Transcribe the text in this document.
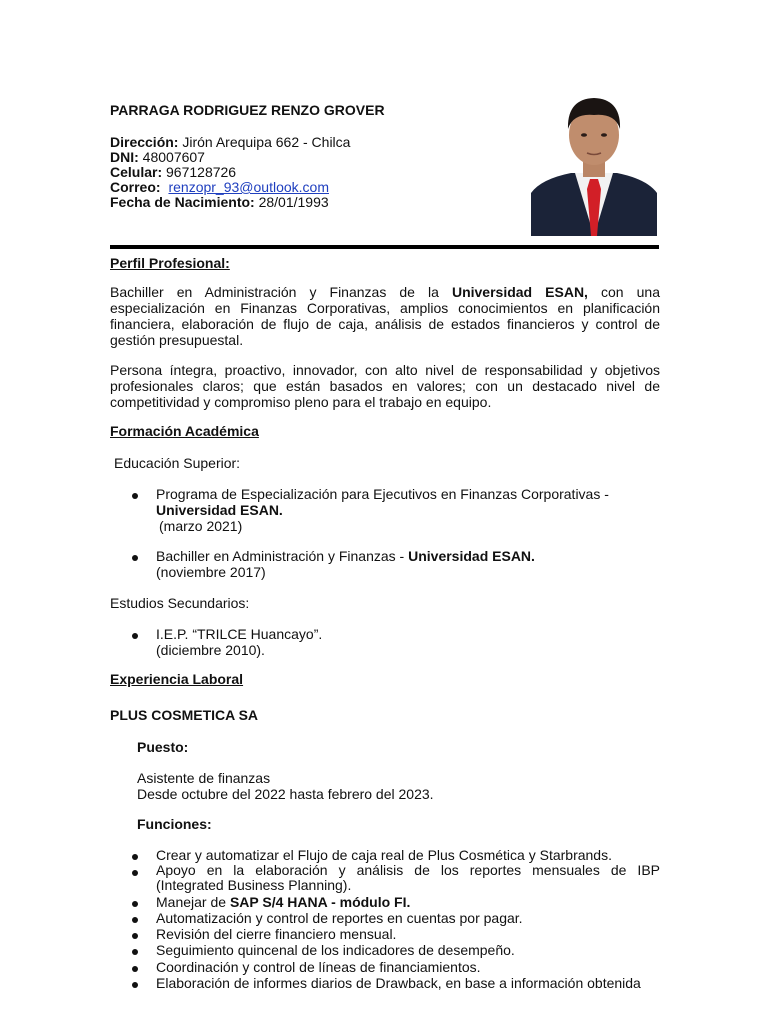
PARRAGA RODRIGUEZ RENZO GROVER
Dirección: Jirón Arequipa 662 - Chilca
DNI: 48007607
Celular: 967128726
Correo: renzopr_93@outlook.com
Fecha de Nacimiento: 28/01/1993
Perfil Profesional:
Bachiller en Administración y Finanzas de la Universidad ESAN, con una especialización en Finanzas Corporativas, amplios conocimientos en planificación financiera, elaboración de flujo de caja, análisis de estados financieros y control de gestión presupuestal.
Persona íntegra, proactivo, innovador, con alto nivel de responsabilidad y objetivos profesionales claros; que están basados en valores; con un destacado nivel de competitividad y compromiso pleno para el trabajo en equipo.
Formación Académica
Educación Superior:
Programa de Especialización para Ejecutivos en Finanzas Corporativas -
Universidad ESAN.
(marzo 2021)
Bachiller en Administración y Finanzas - Universidad ESAN.
(noviembre 2017)
Estudios Secundarios:
I.E.P. “TRILCE Huancayo”.
(diciembre 2010).
Experiencia Laboral
PLUS COSMETICA SA
Puesto:
Asistente de finanzas
Desde octubre del 2022 hasta febrero del 2023.
Funciones:
Crear y automatizar el Flujo de caja real de Plus Cosmética y Starbrands.
Apoyo en la elaboración y análisis de los reportes mensuales de IBP
(Integrated Business Planning).
Manejar de SAP S/4 HANA - módulo FI.
Automatización y control de reportes en cuentas por pagar.
Revisión del cierre financiero mensual.
Seguimiento quincenal de los indicadores de desempeño.
Coordinación y control de líneas de financiamientos.
Elaboración de informes diarios de Drawback, en base a información obtenida
